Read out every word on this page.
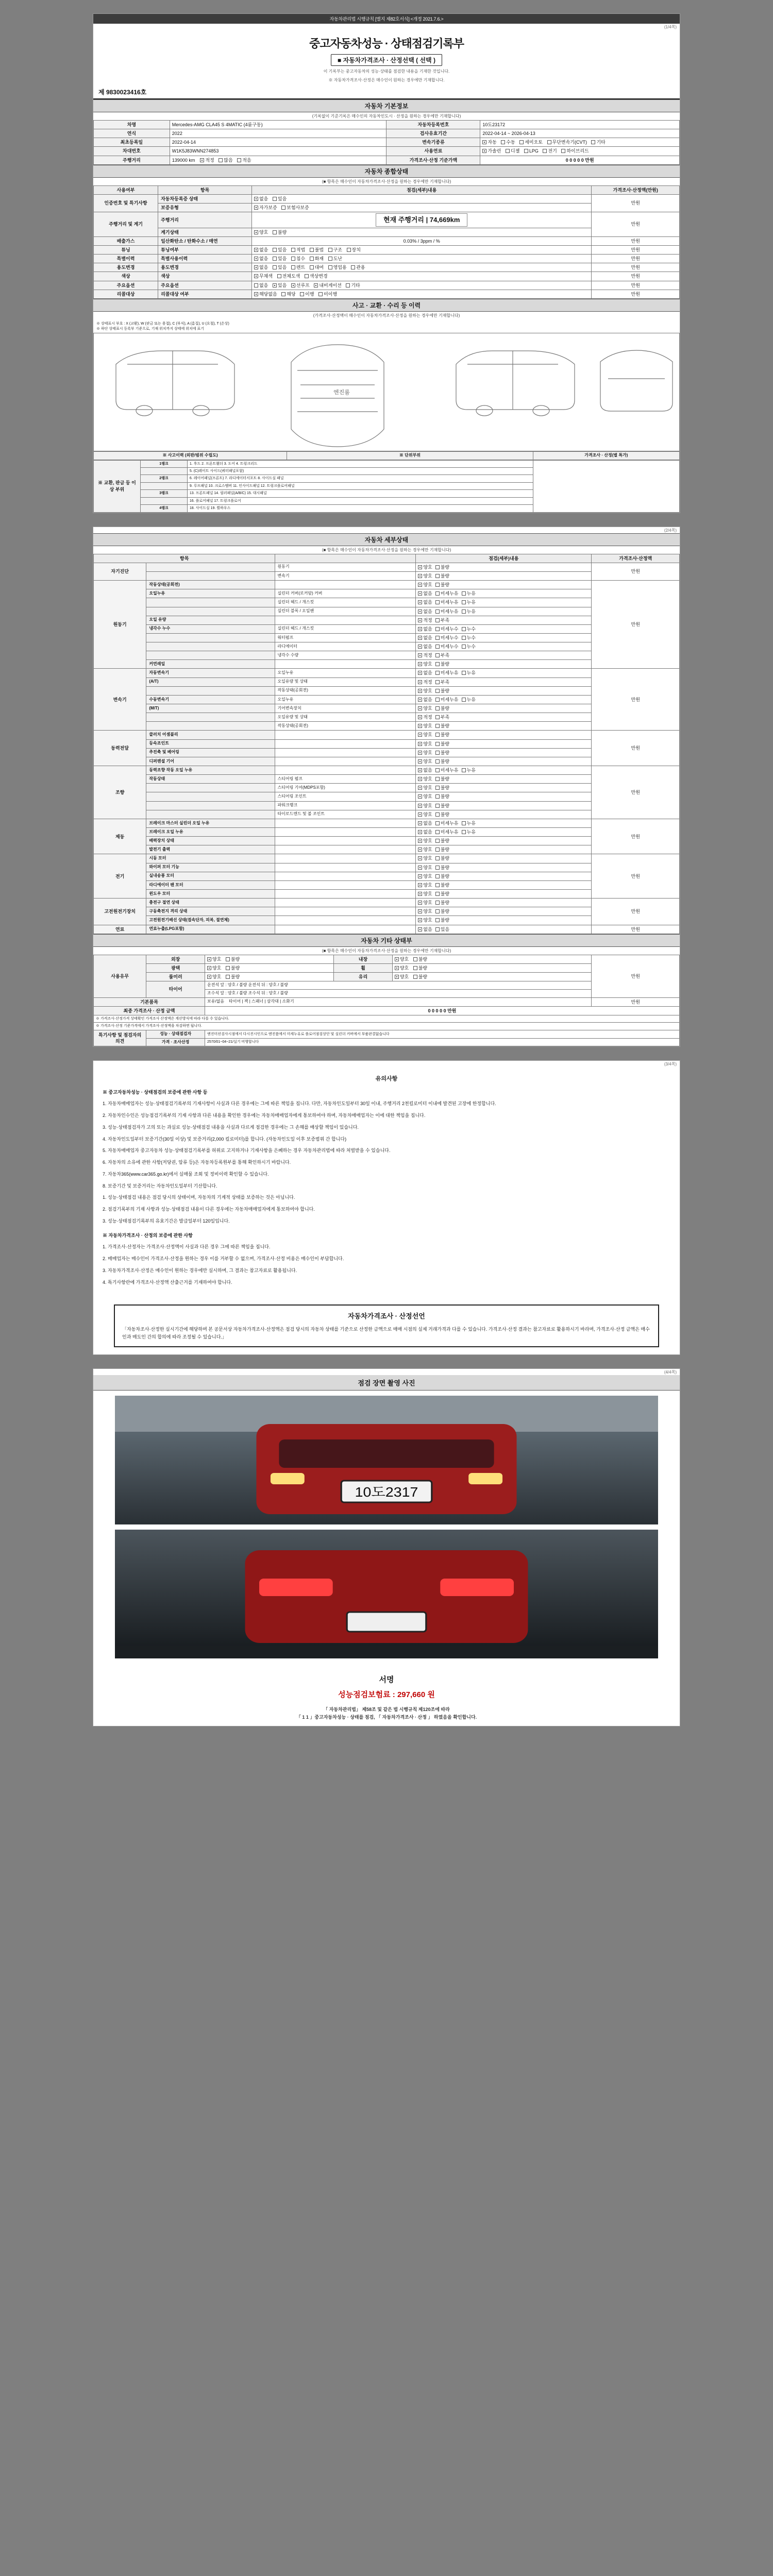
자동차관리법 시행규칙 [별지 제82호서식] <개정 2021.7.6.>
(1/4쪽)
중고자동차성능 · 상태점검기록부
■ 자동차가격조사 · 산정선택 ( 선택 )
이 기록부는 중고자동차의 성능·상태를 점검한 내용을 기재한 것입니다.
※ 자동차가격조사·산정은 매수인이 원하는 경우에만 기재합니다.
제 9830023416호
자동차 기본정보
(기록없이 기준기록은 매수인의 자동차인도시 · 산정을 원하는 경우에만 기재합니다)
차명	Mercedes-AMG CLA45 S 4MATIC (4륜구동)	자동차등록번호	10도23172
연식	2022	검사유효기간	2022-04-14 ~ 2026-04-13
최초등록일	2022-04-14	변속기종류	자동 수동 세미오토 무단변속기(CVT) 기타
차대번호	W1K5J83WNN274853	사용연료	가솔린 디젤 LPG 전기 하이브리드
주행거리	139000 km 적정 많음 적음	가격조사·산정 기준가액	0 0 0 0 0 만원
자동차 종합상태
(■ 항목은 매수인이 자동차가격조사·산정을 원하는 경우에만 기재합니다)
사용여부	항목	점검(세부)내용	가격조사·산정액(만원)
인증번호 및 특기사항	자동차등록증 상태	없음 있음	만원
	보증유형	자가보증 보험사보증	
주행거리 및 계기	주행거리	현재 주행거리 | 74,669km	만원
	계기상태	양호 불량	
배출가스	일산화탄소 / 탄화수소 / 매연	0.03% / 3ppm / %	만원
튜닝	튜닝여부	없음 있음 적법 불법 구조 장치	만원
특별이력	특별사용이력	없음 있음 침수 화재 도난	만원
용도변경	용도변경	없음 있음 렌트 대여 영업용 관용	만원
색상	색상	무채색 전체도색 색상변경	만원
주요옵션	주요옵션	없음 있음 선루프 내비게이션 기타	만원
리콜대상	리콜대상 여부	해당없음 해당 이행 미이행	만원
사고 · 교환 · 수리 등 이력
(가격조사·산정액이 매수인이 자동차가격조사·산정을 원하는 경우에만 기재합니다)
※ 상태표시 부호 : X (교환), W (판금 또는 용접), C (부식), A (흠집), U (요철), T (손상)
※ 하단 상태표시 등록부 기준으로, 기재 위치까지 상태에 위치에 표기
엔진룸
※ 사고이력 (외판/범위 수립도)	※ 단위부위	가격조사 · 산정(별 특가)
※ 교환, 판금 등 이상 부위	1랭크	1. 후드 2. 프론트휀더 3. 도어 4. 트렁크리드	
		5. (C)레이트 사이드(쿼터패널포함)	
	2랭크	6. 레이어패널(프론트) 7. 라디에이터서포트 8. 사이드실 패널	
		9. 루프패널 10. 크로스멤버 11. 인사이드패널 12. 트렁크플로어패널	
	3랭크	13. 프론트패널 14. 필러패널(A/B/C) 15. 대시패널	
		16. 플로어패널 17. 트렁크플로어	
	4랭크	18. 사이드실 19. 휠하우스	
(2/4쪽)
자동차 세부상태
(■ 항목은 매수인이 자동차가격조사·산정을 원하는 경우에만 기재합니다)
항목			점검(세부)내용	가격조사·산정액
자기진단		원동기	양호 불량	만원
		변속기	양호 불량	
원동기	작동상태(공회전)		양호 불량	만원
	오일누유	실린더 커버(로커암) 커버	없음 미세누유 누유	
		실린더 헤드 / 개스킷	없음 미세누유 누유	
		실린더 블록 / 오일팬	없음 미세누유 누유	
	오일 유량		적정 부족	
	냉각수 누수	실린더 헤드 / 개스킷	없음 미세누수 누수	
		워터펌프	없음 미세누수 누수	
		라디에이터	없음 미세누수 누수	
		냉각수 수량	적정 부족	
	커먼레일		양호 불량	
변속기	자동변속기	오일누유	없음 미세누유 누유	만원
	(A/T)	오일유량 및 상태	적정 부족	
		작동상태(공회전)	양호 불량	
	수동변속기	오일누유	없음 미세누유 누유	
	(M/T)	기어변속장치	양호 불량	
		오일유량 및 상태	적정 부족	
		작동상태(공회전)	양호 불량	
동력전달	클러치 어셈블리		양호 불량	만원
	등속조인트		양호 불량	
	추진축 및 베어링		양호 불량	
	디퍼렌셜 기어		양호 불량	
조향	동력조향 작동 오일 누유		없음 미세누유 누유	만원
	작동상태	스티어링 펌프	양호 불량	
		스티어링 기어(MDPS포함)	양호 불량	
		스티어링 조인트	양호 불량	
		파워크랭크	양호 불량	
		타이로드엔드 및 볼 조인트	양호 불량	
제동	브레이크 마스터 실린더 오일 누유		없음 미세누유 누유	만원
	브레이크 오일 누유		없음 미세누유 누유	
	배력장치 상태		양호 불량	
	발전기 출력		양호 불량	
전기	시동 모터		양호 불량	만원
	와이퍼 모터 기능		양호 불량	
	실내송풍 모터		양호 불량	
	라디에이터 팬 모터		양호 불량	
	윈도우 모터		양호 불량	
고전원전기장치	충전구 절연 상태		양호 불량	만원
	구동축전지 격리 상태		양호 불량	
	고전원전기배선 상태(접속단자, 피복, 절연체)		양호 불량	
연료	연료누출(LPG포함)		없음 있음	만원
자동차 기타 상태부
(■ 항목은 매수인이 자동차가격조사·산정을 원하는 경우에만 기재합니다)
사용유무	외장	양호 불량	내장	양호 불량	만원
	광택	양호 불량	휠	양호 불량	
	룸미러	양호 불량	유리	양호 불량	
	타이어	운전석 앞 : 양호 / 불량 운전석 뒤 : 양호 / 불량			
		조수석 앞 : 양호 / 불량 조수석 뒤 : 양호 / 불량			
기본품목		보유/없음 타이어 | 잭 | 스패너 | 삼각대 | 소화기			만원
최종 가격조사 · 산정 금액		0 0 0 0 0 만원			
※ 가격조사·산정가격 상태확인 가격조사 산정액은 계산방식에 따라 다를 수 있습니다.					
※ 가격조사·산정 기준가격에서 가격조사·산정액을 차감하면 됩니다.					
특기사항 및 점검자의 의견	성능 · 상태점검자	엔진미션검사시점에서 다시진시인으로 엔진룸에서 미세누유로 플로어점검상단 및 실린더 커버에서 부품판결없습니다			
	가격 · 조사산정	2570/01~04~21/실기 비행합니다			
(3/4쪽)
유의사항

※ 중고자동차성능 · 상태점검의 보증에 관한 사항 등

1. 자동차매매업자는 성능·상태점검기록부의 기재사항이 사실과 다른 경우에는 그에 따른 책임을 집니다. 다만, 자동차인도일부터 30일 이내, 주행거리 2천킬로미터 이내에 발견된 고장에 한정합니다.

2. 자동차인수인은 성능점검기록부의 기재 사항과 다른 내용을 확인한 경우에는 자동차매매업자에게 통보하여야 하며, 자동차매매업자는 이에 대한 책임을 집니다.

3. 성능·상태점검자가 고의 또는 과실로 성능·상태점검 내용을 사실과 다르게 점검한 경우에는 그 손해를 배상할 책임이 있습니다.

4. 자동차인도일부터 보증기간(30일 이상) 및 보증거리(2,000 킬로미터)를 합니다. (자동차인도일 이후 보증범위 간 합니다)

5. 자동차매매업자 중고자동차 성능·상태점검기록부를 허위로 고지하거나 기재사항을 은폐하는 경우 자동차관리법에 따라 처벌받을 수 있습니다.

6. 자동차의 소유에 관한 사항(저당권, 압류 등)은 자동차등록원부를 통해 확인하시기 바랍니다.

7. 자동차365(www.car365.go.kr)에서 실매물 조회 및 정비이력 확인할 수 있습니다.

8. 보증기간 및 보증거리는 자동차인도일부터 기산합니다.

1. 성능·상태점검 내용은 점검 당시의 상태이며, 자동차의 기계적 상태를 보증하는 것은 아닙니다.

2. 점검기록부의 기재 사항과 성능·상태점검 내용이 다른 경우에는 자동차매매업자에게 통보하여야 합니다.

3. 성능·상태점검기록부의 유효기간은 발급일부터 120일입니다.

※ 자동차가격조사 · 산정의 보증에 관한 사항

1. 가격조사·산정자는 가격조사·산정액이 사실과 다른 경우 그에 따른 책임을 집니다.

2. 매매업자는 매수인이 가격조사·산정을 원하는 경우 이를 거부할 수 없으며, 가격조사·산정 비용은 매수인이 부담합니다.

3. 자동차가격조사·산정은 매수인이 원하는 경우에만 실시하며, 그 결과는 참고자료로 활용됩니다.

4. 특기사항란에 가격조사·산정액 산출근거를 기재하여야 합니다.

자동차가격조사 · 산정선언
「자동차조사·산정한 실시기간에 해당하며 본 공문서상 자동차가격조사·산정액은 점검 당시의 자동차 상태를 기준으로 산정한 금액으로 매매 시점의 실제 거래가격과 다를 수 있습니다. 가격조사·산정 결과는 참고자료로 활용하시기 바라며, 가격조사·산정 금액은 매수인과 매도인 간의 합의에 따라 조정될 수 있습니다.」
(4/4쪽)
점검 장면 촬영 사진
10도2317
서명
성능점검보험료 : 297,660 원
「 자동차관리법」 제58조 및 같은 법 시행규칙 제120조에 따라
「 1 1 」중고자동차성능 · 상태를 점검, 「 자동차가격조사 · 산정 」 하였음을 확인합니다.
